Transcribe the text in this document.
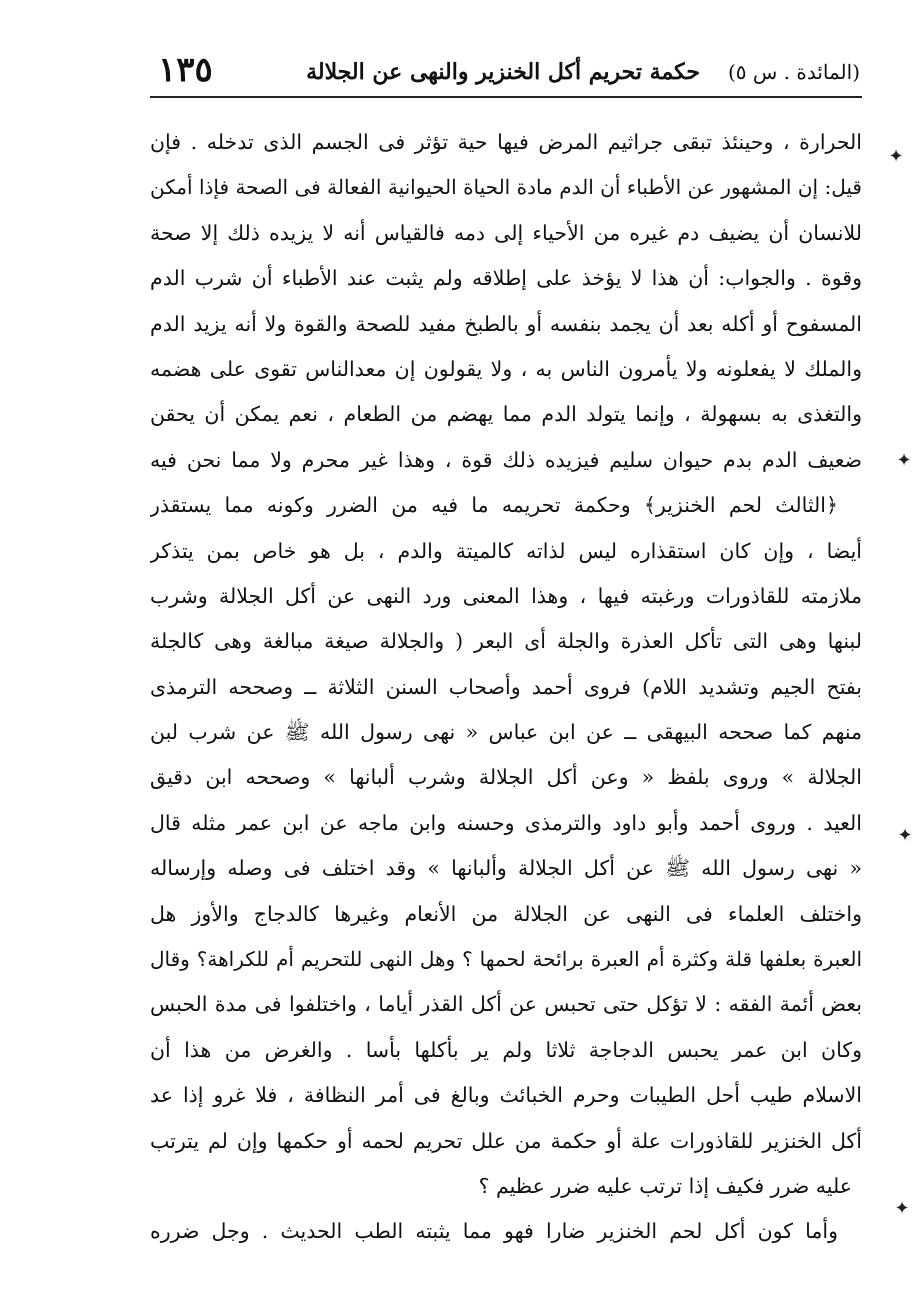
(المائدة . س ٥)
حكمة تحريم أكل الخنزير والنهى عن الجلالة
١٣٥
الحرارة ، وحينئذ تبقى جراثيم المرض فيها حية تؤثر فى الجسم الذى تدخله . فإن
قيل: إن المشهور عن الأطباء أن الدم مادة الحياة الحيوانية الفعالة فى الصحة فإذا أمكن
للانسان أن يضيف دم غيره من الأحياء إلى دمه فالقياس أنه لا يزيده ذلك إلا صحة
وقوة . والجواب: أن هذا لا يؤخذ على إطلاقه ولم يثبت عند الأطباء أن شرب الدم
المسفوح أو أكله بعد أن يجمد بنفسه أو بالطبخ مفيد للصحة والقوة ولا أنه يزيد الدم
والملك لا يفعلونه ولا يأمرون الناس به ، ولا يقولون إن معدالناس تقوى على هضمه
والتغذى به بسهولة ، وإنما يتولد الدم مما يهضم من الطعام ، نعم يمكن أن يحقن
ضعيف الدم بدم حيوان سليم فيزيده ذلك قوة ، وهذا غير محرم ولا مما نحن فيه
﴿الثالث لحم الخنزير﴾ وحكمة تحريمه ما فيه من الضرر وكونه مما يستقذر
أيضا ، وإن كان استقذاره ليس لذاته كالميتة والدم ، بل هو خاص بمن يتذكر
ملازمته للقاذورات ورغبته فيها ، وهذا المعنى ورد النهى عن أكل الجلالة وشرب
لبنها وهى التى تأكل العذرة والجلة أى البعر ( والجلالة صيغة مبالغة وهى كالجلة
بفتح الجيم وتشديد اللام) فروى أحمد وأصحاب السنن الثلاثة ــ وصححه الترمذى
منهم كما صححه البيهقى ــ عن ابن عباس « نهى رسول الله ﷺ عن شرب لبن
الجلالة » وروى بلفظ « وعن أكل الجلالة وشرب ألبانها » وصححه ابن دقيق
العيد . وروى أحمد وأبو داود والترمذى وحسنه وابن ماجه عن ابن عمر مثله قال
« نهى رسول الله ﷺ عن أكل الجلالة وألبانها » وقد اختلف فى وصله وإرساله
واختلف العلماء فى النهى عن الجلالة من الأنعام وغيرها كالدجاج والأوز هل
العبرة بعلفها قلة وكثرة أم العبرة برائحة لحمها ؟ وهل النهى للتحريم أم للكراهة؟ وقال
بعض أئمة الفقه : لا تؤكل حتى تحبس عن أكل القذر أياما ، واختلفوا فى مدة الحبس
وكان ابن عمر يحبس الدجاجة ثلاثا ولم ير بأكلها بأسا . والغرض من هذا أن
الاسلام طيب أحل الطيبات وحرم الخبائث وبالغ فى أمر النظافة ، فلا غرو إذا عد
أكل الخنزير للقاذورات علة أو حكمة من علل تحريم لحمه أو حكمها وإن لم يترتب
عليه ضرر فكيف إذا ترتب عليه ضرر عظيم ؟
وأما كون أكل لحم الخنزير ضارا فهو مما يثبته الطب الحديث . وجل ضرره
✦
✦
✦
✦
